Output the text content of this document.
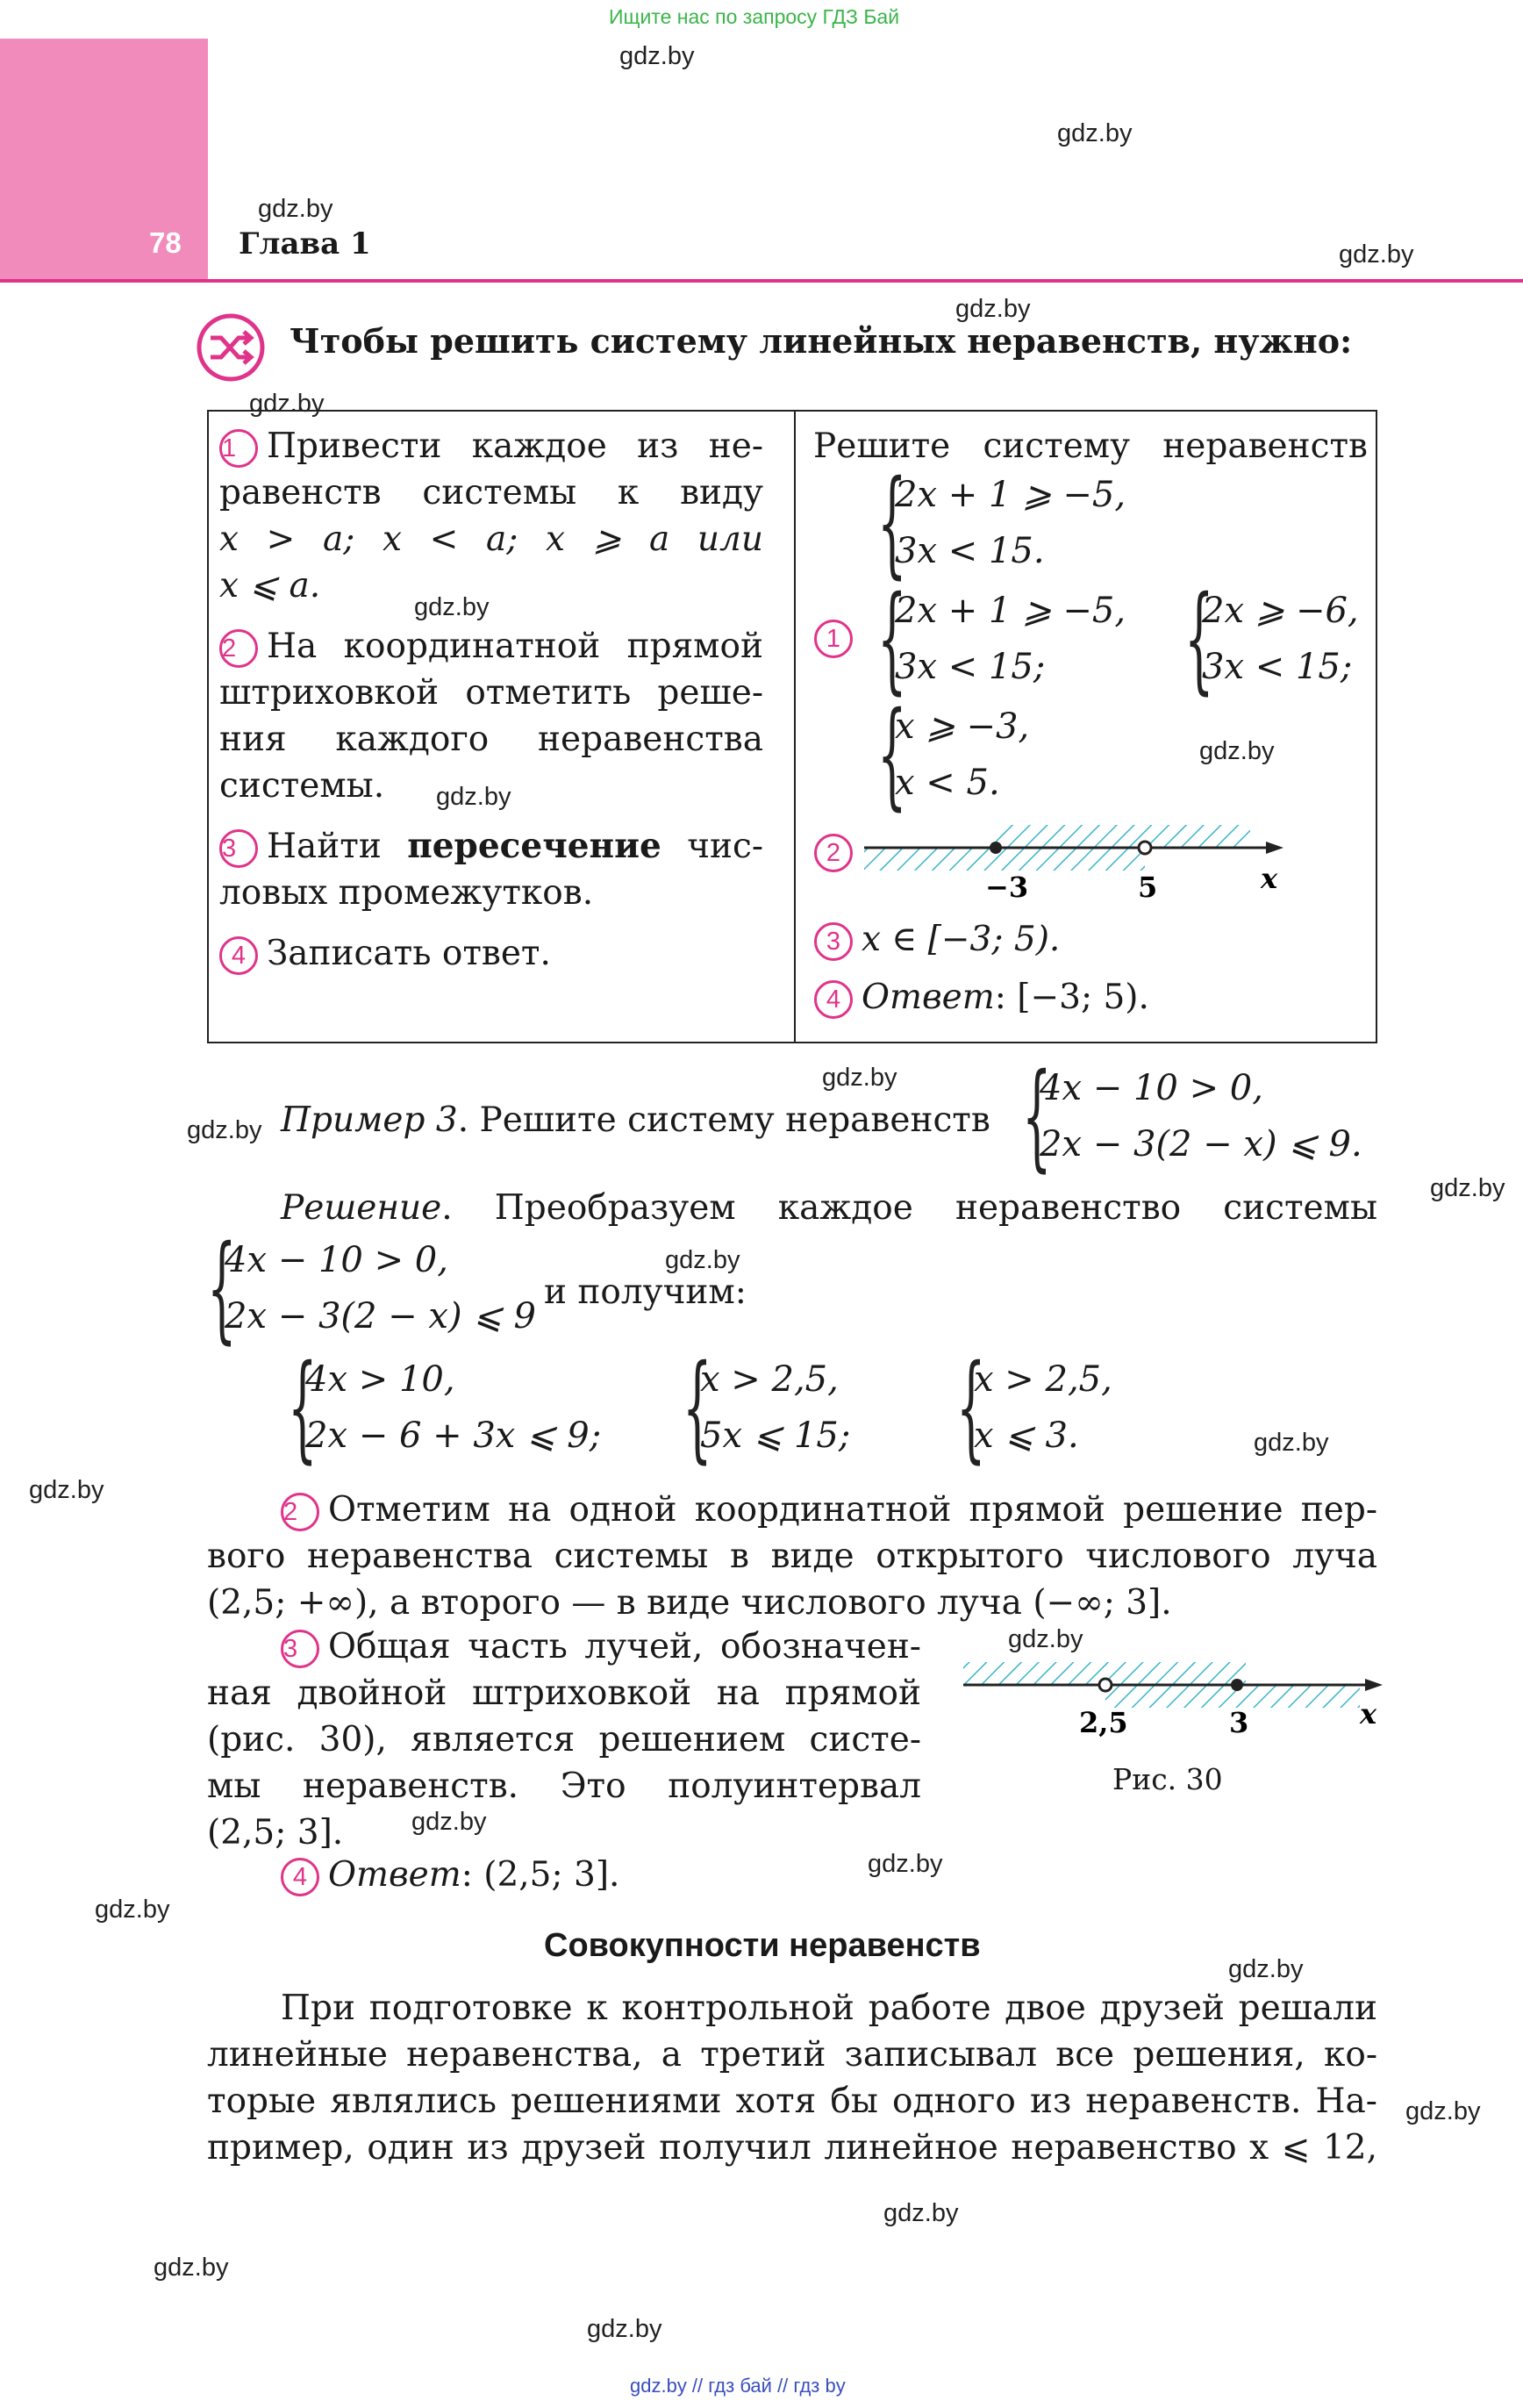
Ищите нас по запросу ГДЗ Бай
gdz.by
gdz.by
gdz.by
gdz.by
gdz.by
gdz.by
gdz.by
gdz.by
gdz.by
gdz.by
gdz.by
gdz.by
gdz.by
gdz.by
gdz.by
gdz.by
gdz.by
gdz.by
gdz.by
gdz.by
gdz.by
gdz.by
gdz.by
gdz.by
gdz.by // гдз бай // гдз by
78 Глава 1
Чтобы решить систему линейных неравенств, нужно:
1 Привести каждое из не-
равенств системы к виду
x > a; x < a; x ⩾ a или
x ⩽ a.
2 На координатной прямой
штриховкой отметить реше-
ния каждого неравенства
системы.
3 Найти пересечение чис-
ловых промежутков.
4 Записать ответ.
Решите систему неравенств
{
2x + 1 ⩾ −5,
3x < 15.
1 {
2x + 1 ⩾ −5,
3x < 15; {
2x ⩾ −6,
3x < 15;
{
x ⩾ −3,
x < 5.
2
−3	5	x
3 x ∈ [−3; 5).
4 Ответ: [−3; 5).
Пример 3. Решите систему неравенств {
4x − 10 > 0,
2x − 3(2 − x) ⩽ 9.
Решение. Преобразуем каждое неравенство системы
{
4x − 10 > 0,
2x − 3(2 − x) ⩽ 9
и получим:
{
4x > 10,
2x − 6 + 3x ⩽ 9; {
x > 2,5,
5x ⩽ 15; {
x > 2,5,
x ⩽ 3.
2 Отметим на одной координатной прямой решение пер-
вого неравенства системы в виде открытого числового луча
(2,5; +∞), а второго — в виде числового луча (−∞; 3].
3 Общая часть лучей, обозначен-
ная двойной штриховкой на прямой
(рис. 30), является решением систе-
мы неравенств. Это полуинтервал
(2,5; 3].
4 Ответ: (2,5; 3].
2,5	3	x
Рис. 30
Совокупности неравенств
При подготовке к контрольной работе двое друзей решали
линейные неравенства, а третий записывал все решения, ко-
торые являлись решениями хотя бы одного из неравенств. На-
пример, один из друзей получил линейное неравенство x ⩽ 12,
